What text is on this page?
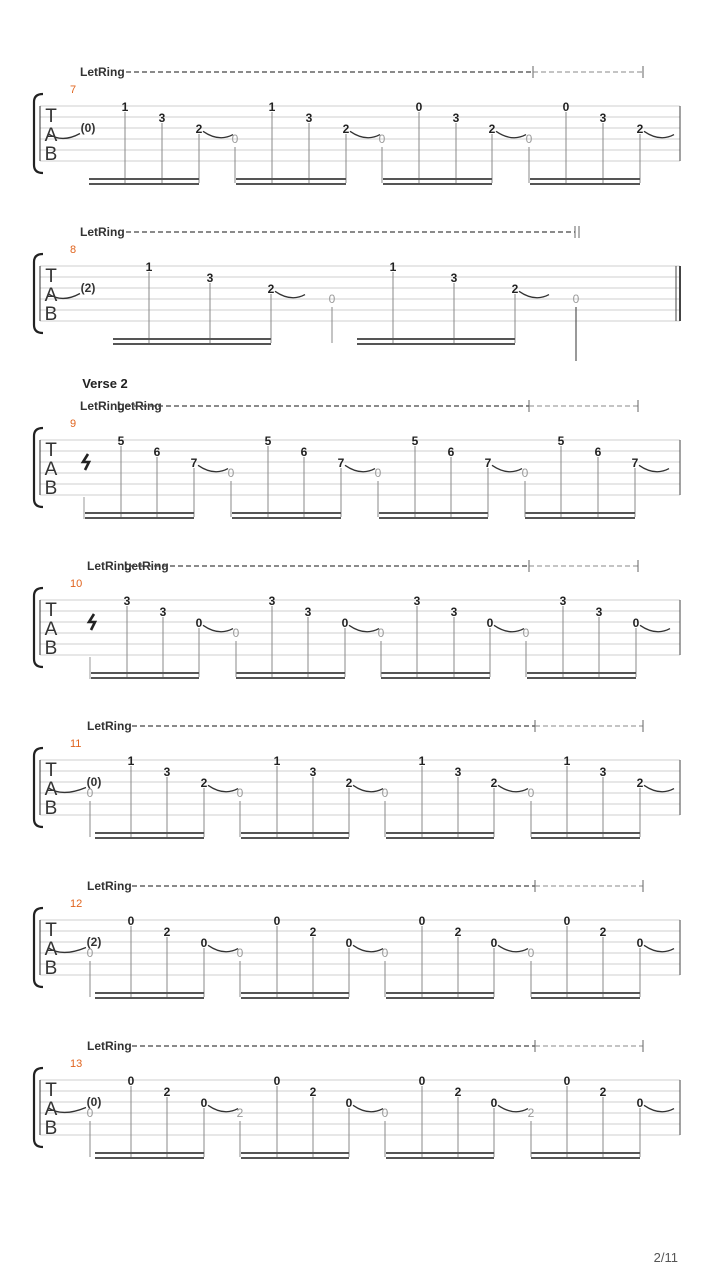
LetRing
7
T
A
B
(0)
1
3
2
1
3
2
0
3
2
0
3
2
0	0	0
LetRing
8
T
A
B
(2)
1
3
2
1
3
2
0	0
Verse 2
LetRing
LetRing
9
T
A
B
5
6
7
5
6
7
5
6
7
5
6
7
0	0	0
LetRing
LetRing
10
T
A
B
3
3
0
3
3
0
3
3
0
3
3
0
0	0	0
LetRing
11
T
A
B
(0)
1
3
2
1
3
2
1
3
2
1
3
2
0	0	0	0
LetRing
12
T
A
B
(2)
0
2
0
0
2
0
0
2
0
0
2
0
0	0	0	0
LetRing
13
T
A
B
(0)
0
2
0
0
2
0
0
2
0
0
2
0
0	0
2	2
2/11
